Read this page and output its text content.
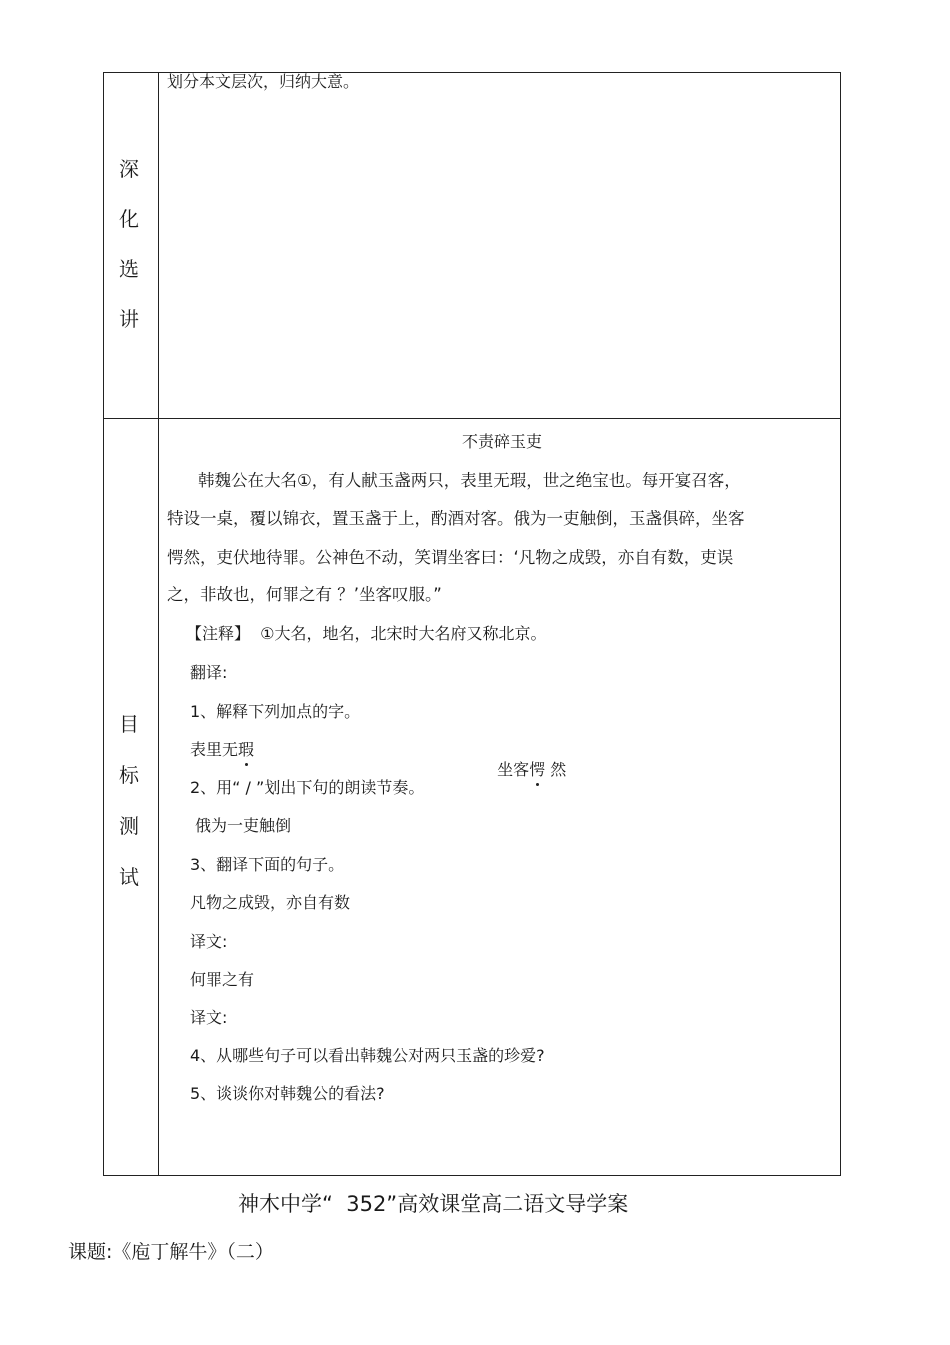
深
化
选
讲
划分本文层次，归纳大意。
目
标
测
试
不责碎玉吏
韩魏公在大名①，有人献玉盏两只，表里无瑕，世之绝宝也。每开宴召客，
特设一桌，覆以锦衣，置玉盏于上，酌酒对客。俄为一吏触倒，玉盏俱碎，坐客
愕然，吏伏地待罪。公神色不动，笑谓坐客曰：‘凡物之成毁，亦自有数，吏误
之，非故也，何罪之有 ？’坐客叹服。”
【注释】  ①大名，地名，北宋时大名府又称北京。
翻译:
1、解释下列加点的字。
表里无瑕

坐客愕 然

2、用“ / ”划出下句的朗读节奏。
俄为一吏触倒
3、翻译下面的句子。
凡物之成毁，亦自有数
译文:
何罪之有
译文:
4、从哪些句子可以看出韩魏公对两只玉盏的珍爱?
5、谈谈你对韩魏公的看法?
神木中学“  352”高效课堂高二语文导学案
课题:《庖丁解牛》（二）
